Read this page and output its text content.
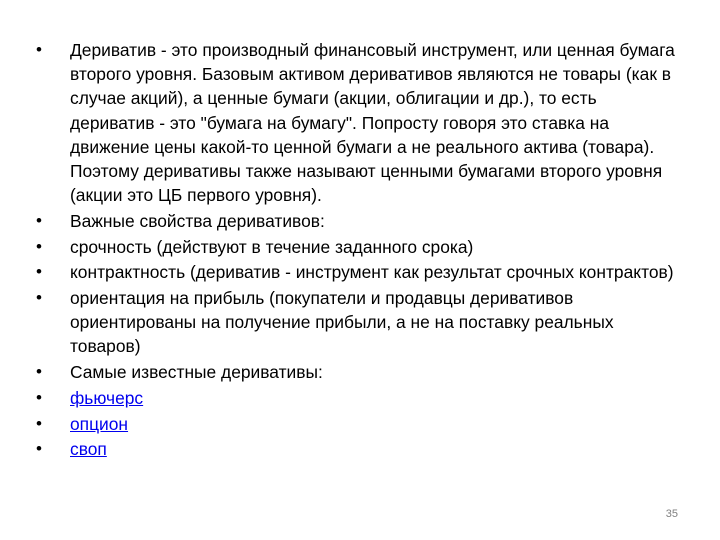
•	Дериватив - это производный финансовый инструмент, или ценная бумага второго уровня. Базовым активом деривативов являются не товары (как в случае акций), а ценные бумаги (акции, облигации и др.), то есть дериватив - это "бумага на бумагу". Попросту говоря это ставка на движение цены какой-то ценной бумаги а не реального актива (товара). Поэтому деривативы также называют ценными бумагами второго уровня (акции это ЦБ первого уровня).
•	Важные свойства деривативов:
•	срочность (действуют в течение заданного срока)
•	контрактность (дериватив - инструмент как результат срочных контрактов)
•	ориентация на прибыль (покупатели и продавцы деривативов ориентированы на получение прибыли, а не на поставку реальных товаров)
•	Самые известные деривативы:
•	фьючерс
•	опцион
•	своп
35
